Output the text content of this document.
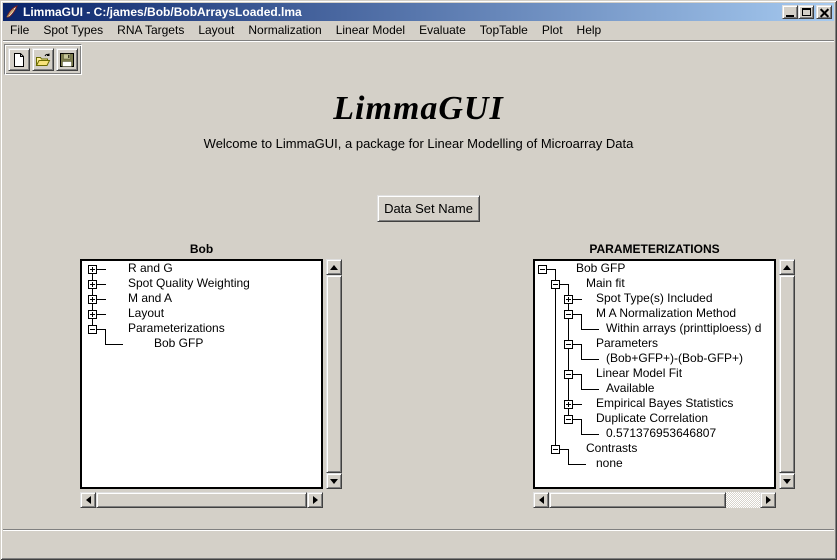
LimmaGUI - C:/james/Bob/BobArraysLoaded.lma
File	Spot Types	RNA Targets	Layout	Normalization	Linear Model	Evaluate	TopTable	Plot	Help
LimmaGUI
Welcome to LimmaGUI, a package for Linear Modelling of Microarray Data
Data Set Name
Bob
R and G
Spot Quality Weighting
M and A
Layout
Parameterizations
Bob GFP
PARAMETERIZATIONS
Bob GFP
Main fit
Spot Type(s) Included
M A Normalization Method
Within arrays (printtiploess) d
Parameters
(Bob+GFP+)-(Bob-GFP+)
Linear Model Fit
Available
Empirical Bayes Statistics
Duplicate Correlation
0.571376953646807
Contrasts
none
